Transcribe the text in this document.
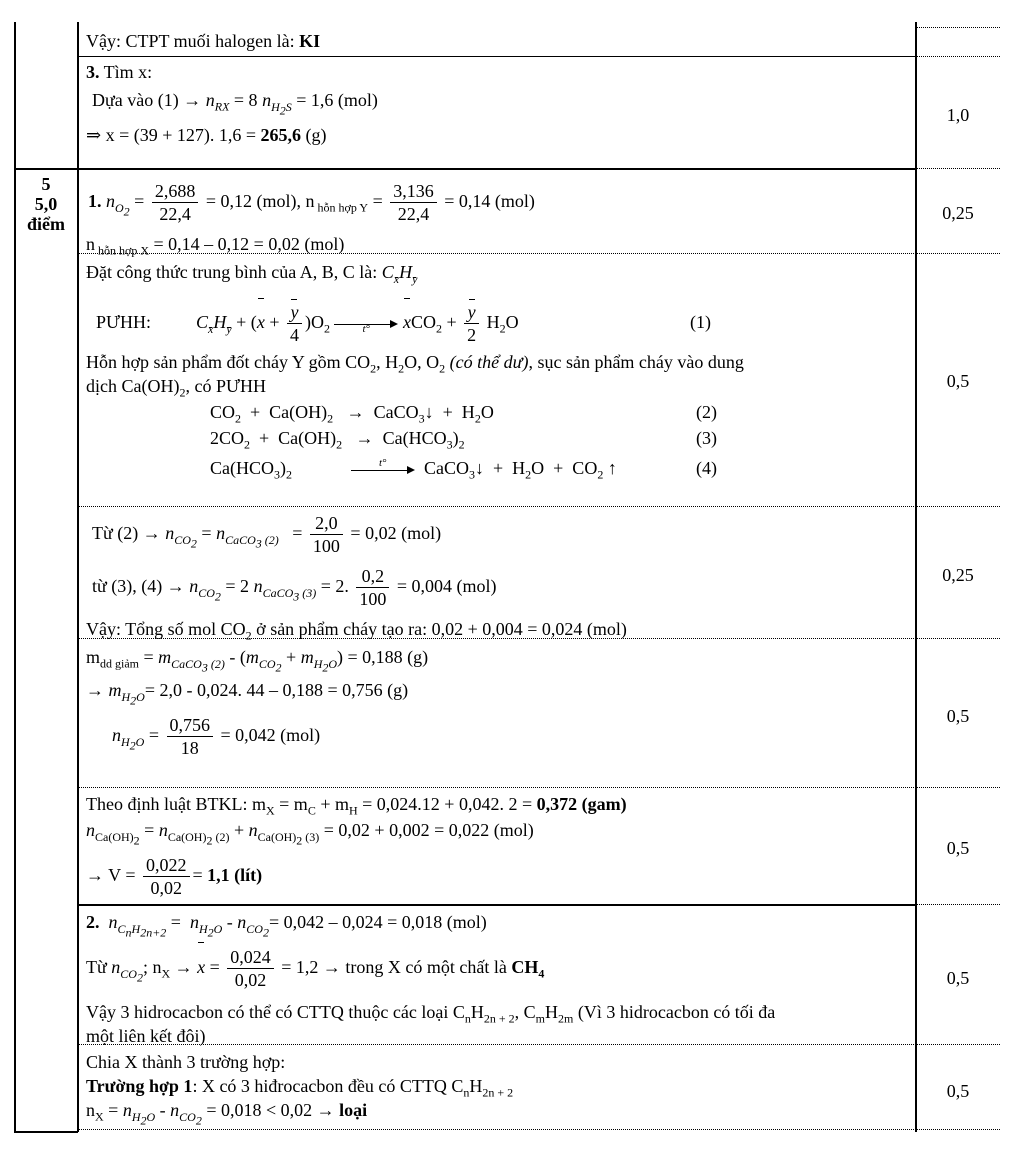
Vậy: CTPT muối halogen là: KI
3. Tìm x:
Dựa vào $(1) \to n_{RX} = 8$ $n_{H_2S} = 1,6$ (mol)
⇒ x = (39 + 127). 1,6 = 265,6 (g)
1,0
5
5,0
điểm
1. $n_{O_2} = \frac{2,688}{22,4} = 0,12$ (mol), n $_{hỗn hợp Y} = \frac{3,136}{22,4} = 0,14$ (mol)
n $_{hỗn hợp X}$ = 0,14 – 0,12 = 0,02 (mol)
0,25
Đặt công thức trung bình của A, B, C là: $C_xH_y$
PƯHH:	$C_xH_y + (x + \frac{y}{4} )O_2$	t° $xCO_2 + \frac{y}{2} H_2O$	(1)
Hỗn hợp sản phẩm đốt cháy Y gồm $CO_2$, $H_2O$, $O_2$ (có thể dư), sục sản phẩm cháy vào dung
dịch $Ca(OH)_2$, có PƯHH
$CO_2 + Ca(OH)_2$   →  CaCO$_3$↓  +  $H_2O$	(2)
$2CO_2 + Ca(OH)_2 \to Ca(HCO_3)_2$	(3)
$Ca(HCO_3)_2$
t° CaCO$_3$↓  +  $H_2O + CO_2$ ↑	(4)
0,5
Từ $(2) \to n_{CO_2} = n_{CaCO_3 (2)} = \frac{2,0}{100} = 0,02$ (mol)
từ (3), $(4) \to n_{CO_2} = 2$ $n_{CaCO_3 (3)} = 2$. $\frac{0,2}{100} = 0,004$ (mol)
Vậy: Tổng số mol $CO_2$ ở sản phẩm cháy tạo ra: 0,02 + 0,004 = 0,024 (mol)
0,25
$m_{dd giảm} = m_{CaCO_3 (2)} - (m_{CO_2} + m_{H_2O}) = 0,188$ (g)
→ $m_{H_2O}= 2,0 - 0,024$. 44 – 0,188 = 0,756 (g)
$n_{H_2O} = \frac{0,756}{18} = 0,042$ (mol)
0,5
Theo định luật BTKL: $m_X = m_C + m_H = 0,024.12 + 0,042$. 2 = 0,372 (gam)
$n_{Ca(OH)_2} = n_{Ca(OH)_2 (2)} + n_{Ca(OH)_2 (3)} = 0,02 + 0,002 = 0,022$ (mol)
→ $V = \frac{0,022}{0,02} = 1,1$ (lít)
0,5
2. $n_{C_nH_{2n+2}} = n_{H_2O} - n_{CO_2}= 0,042 - 0,024 = 0,018$ (mol)
Từ $n_{CO_2}$; $n_X \to x = \frac{0,024}{0,02} = 1,2$ → trong X có một chất là $CH_4$
Vậy 3 hidrocacbon có thể có CTTQ thuộc các loại $C_nH_{2n + 2}$, $C_mH_{2m}$ (Vì 3 hidrocacbon có tối đa
một liên kết đôi)
0,5
Chia X thành 3 trường hợp:
Trường hợp 1: X có 3 hiđrocacbon đều có CTTQ $C_nH_{2n + 2}$
$n_X = n_{H_2O} - n_{CO_2} = 0,018 < 0,02$ → loại
0,5
